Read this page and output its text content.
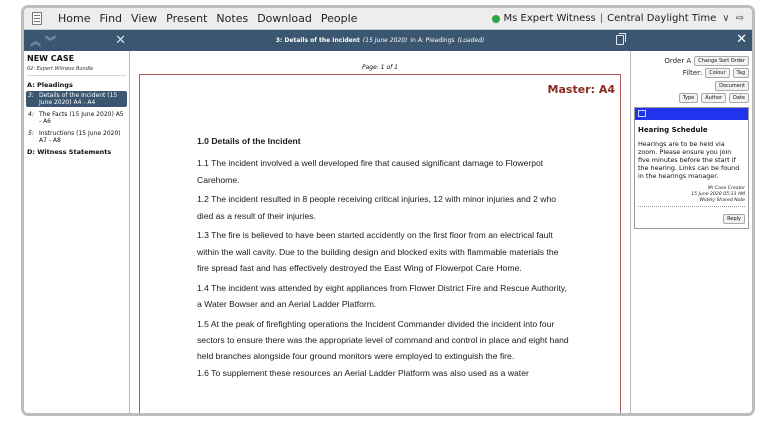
Home Find View Present Notes Download People	Ms Expert Witness | Central Daylight Time ∨ ⇨
︽ ︾	✕
NEW CASE
02: Expert Witness Bundle
A: Pleadings
3: Details of the Incident (15 June 2020) A4 - A4
4: The Facts (15 June 2020) A5 - A6
5: Instructions (15 June 2020) A7 - A8
D: Witness Statements
3: Details of the Incident (15 June 2020) in A: Pleadings (Loaded)
Page: 1 of 1
Master: A4
1.0 Details of the Incident

1.1 The incident involved a well developed fire that caused significant damage to Flowerpot Carehome.

1.2 The incident resulted in 8 people receiving critical injuries, 12 with minor injuries and 2 who died as a result of their injuries.

1.3 The fire is believed to have been started accidently on the first floor from an electrical fault within the wall cavity. Due to the building design and blocked exits with flammable materials the fire spread fast and has effectively destroyed the East Wing of Flowerpot Care Home.

1.4 The incident was attended by eight appliances from Flower District Fire and Rescue Authority, a Water Bowser and an Aerial Ladder Platform.

1.5 At the peak of firefighting operations the Incident Commander divided the incident into four sectors to ensure there was the appropriate level of command and control in place and eight hand held branches alongside four ground monitors were employed to extinguish the fire.

1.6 To supplement these resources an Aerial Ladder Platform was also used as a water

✕
Order A	Change Sort Order
Filter:	Colour	Tag
Document
Type	Author	Date
Hearing Schedule
Hearings are to be held via zoom. Please ensure you join five minutes before the start if the hearing. Links can be found in the hearings manager.
Mr Case Creator
15 June 2020 05:13 AM
Widely Shared Note
Reply
